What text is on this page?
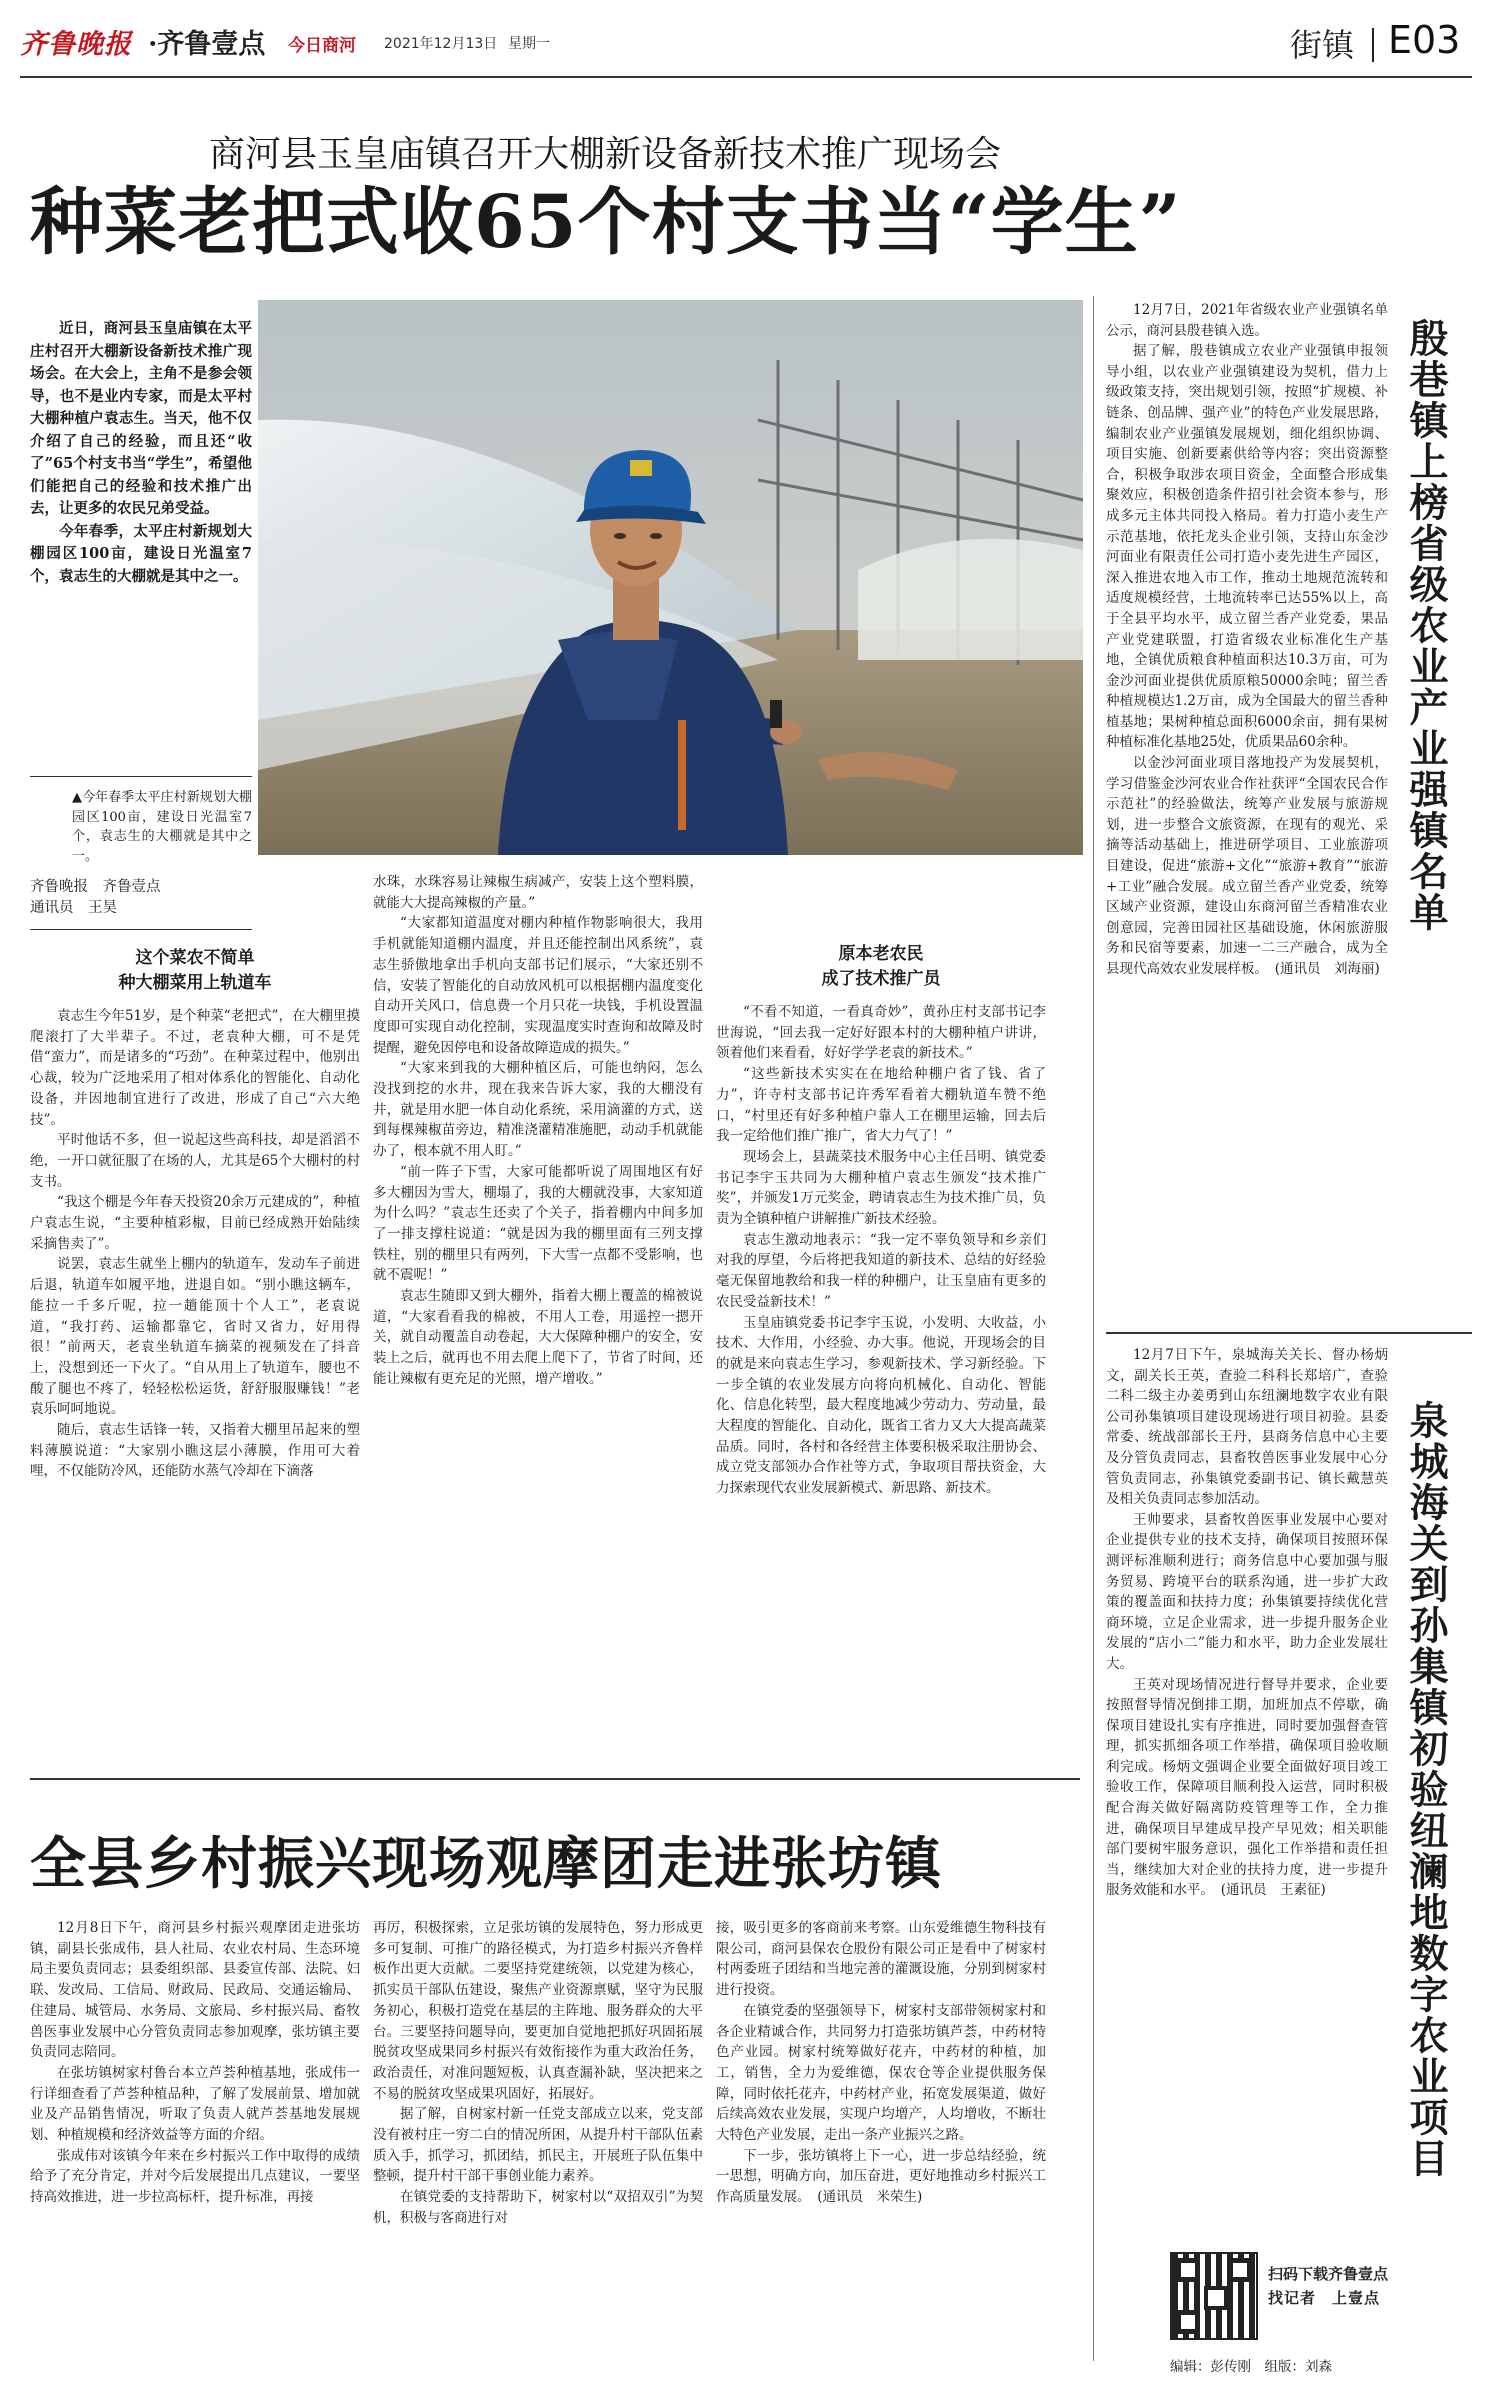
齐鲁晚报 ·齐鲁壹点 今日商河 2021年12月13日 星期一	街镇 E03
商河县玉皇庙镇召开大棚新设备新技术推广现场会
种菜老把式收65个村支书当“学生”

近日，商河县玉皇庙镇在太平庄村召开大棚新设备新技术推广现场会。在大会上，主角不是参会领导，也不是业内专家，而是太平村大棚种植户袁志生。当天，他不仅介绍了自己的经验，而且还“收了”65个村支书当“学生”，希望他们能把自己的经验和技术推广出去，让更多的农民兄弟受益。

今年春季，太平庄村新规划大棚园区100亩，建设日光温室7个，袁志生的大棚就是其中之一。

▲今年春季太平庄村新规划大棚园区100亩，建设日光温室7个，袁志生的大棚就是其中之一。
齐鲁晚报　齐鲁壹点
通讯员　王昊
这个菜农不简单
种大棚菜用上轨道车

袁志生今年51岁，是个种菜“老把式”，在大棚里摸爬滚打了大半辈子。不过，老袁种大棚，可不是凭借“蛮力”，而是诸多的“巧劲”。在种菜过程中，他别出心裁，较为广泛地采用了相对体系化的智能化、自动化设备，并因地制宜进行了改进，形成了自己“六大绝技”。

平时他话不多，但一说起这些高科技，却是滔滔不绝，一开口就征服了在场的人，尤其是65个大棚村的村支书。

“我这个棚是今年春天投资20余万元建成的”，种植户袁志生说，“主要种植彩椒，目前已经成熟开始陆续采摘售卖了”。

说罢，袁志生就坐上棚内的轨道车，发动车子前进后退，轨道车如履平地，进退自如。“别小瞧这辆车，能拉一千多斤呢，拉一趟能顶十个人工”，老袁说道，“我打药、运输都靠它，省时又省力，好用得很！”前两天，老袁坐轨道车摘菜的视频发在了抖音上，没想到还一下火了。“自从用上了轨道车，腰也不酸了腿也不疼了，轻轻松松运货，舒舒服服赚钱！”老袁乐呵呵地说。

随后，袁志生话锋一转，又指着大棚里吊起来的塑料薄膜说道：“大家别小瞧这层小薄膜，作用可大着哩，不仅能防冷风，还能防水蒸气冷却在下滴落

水珠，水珠容易让辣椒生病减产，安装上这个塑料膜，就能大大提高辣椒的产量。”

“大家都知道温度对棚内种植作物影响很大，我用手机就能知道棚内温度，并且还能控制出风系统”，袁志生骄傲地拿出手机向支部书记们展示，“大家还别不信，安装了智能化的自动放风机可以根据棚内温度变化自动开关风口，信息费一个月只花一块钱，手机设置温度即可实现自动化控制，实现温度实时查询和故障及时提醒，避免因停电和设备故障造成的损失。”

“大家来到我的大棚种植区后，可能也纳闷，怎么没找到挖的水井，现在我来告诉大家，我的大棚没有井，就是用水肥一体自动化系统，采用滴灌的方式，送到每棵辣椒苗旁边，精准浇灌精准施肥，动动手机就能办了，根本就不用人盯。”

“前一阵子下雪，大家可能都听说了周围地区有好多大棚因为雪大，棚塌了，我的大棚就没事，大家知道为什么吗？”袁志生还卖了个关子，指着棚内中间多加了一排支撑柱说道：“就是因为我的棚里面有三列支撑铁柱，别的棚里只有两列，下大雪一点都不受影响，也就不震呢！”

袁志生随即又到大棚外，指着大棚上覆盖的棉被说道，“大家看看我的棉被，不用人工卷，用遥控一摁开关，就自动覆盖自动卷起，大大保障种棚户的安全，安装上之后，就再也不用去爬上爬下了，节省了时间，还能让辣椒有更充足的光照，增产增收。”

原本老农民
成了技术推广员

“不看不知道，一看真奇妙”，黄孙庄村支部书记李世海说，“回去我一定好好跟本村的大棚种植户讲讲，领着他们来看看，好好学学老袁的新技术。”

“这些新技术实实在在地给种棚户省了钱、省了力”，许寺村支部书记许秀军看着大棚轨道车赞不绝口，“村里还有好多种植户靠人工在棚里运输，回去后我一定给他们推广推广，省大力气了！”

现场会上，县蔬菜技术服务中心主任吕明、镇党委书记李宇玉共同为大棚种植户袁志生颁发“技术推广奖”，并颁发1万元奖金，聘请袁志生为技术推广员，负责为全镇种植户讲解推广新技术经验。

袁志生激动地表示：“我一定不辜负领导和乡亲们对我的厚望，今后将把我知道的新技术、总结的好经验毫无保留地教给和我一样的种棚户，让玉皇庙有更多的农民受益新技术！”

玉皇庙镇党委书记李宇玉说，小发明、大收益，小技术、大作用，小经验、办大事。他说，开现场会的目的就是来向袁志生学习，参观新技术、学习新经验。下一步全镇的农业发展方向将向机械化、自动化、智能化、信息化转型，最大程度地减少劳动力、劳动量，最大程度的智能化、自动化，既省工省力又大大提高蔬菜品质。同时，各村和各经营主体要积极采取注册协会、成立党支部领办合作社等方式，争取项目帮扶资金，大力探索现代农业发展新模式、新思路、新技术。

12月7日，2021年省级农业产业强镇名单公示，商河县殷巷镇入选。

据了解，殷巷镇成立农业产业强镇申报领导小组，以农业产业强镇建设为契机，借力上级政策支持，突出规划引领，按照“扩规模、补链条、创品牌、强产业”的特色产业发展思路，编制农业产业强镇发展规划，细化组织协调、项目实施、创新要素供给等内容；突出资源整合，积极争取涉农项目资金，全面整合形成集聚效应，积极创造条件招引社会资本参与，形成多元主体共同投入格局。着力打造小麦生产示范基地，依托龙头企业引领，支持山东金沙河面业有限责任公司打造小麦先进生产园区，深入推进农地入市工作，推动土地规范流转和适度规模经营，土地流转率已达55%以上，高于全县平均水平，成立留兰香产业党委，果品产业党建联盟，打造省级农业标准化生产基地，全镇优质粮食种植面积达10.3万亩，可为金沙河面业提供优质原粮50000余吨；留兰香种植规模达1.2万亩，成为全国最大的留兰香种植基地；果树种植总面积6000余亩，拥有果树种植标准化基地25处，优质果品60余种。

以金沙河面业项目落地投产为发展契机，学习借鉴金沙河农业合作社获评“全国农民合作示范社”的经验做法，统筹产业发展与旅游规划，进一步整合文旅资源，在现有的观光、采摘等活动基础上，推进研学项目、工业旅游项目建设，促进“旅游+文化”“旅游+教育”“旅游+工业”融合发展。成立留兰香产业党委，统筹区域产业资源，建设山东商河留兰香精准农业创意园，完善田园社区基础设施，休闲旅游服务和民宿等要素，加速一二三产融合，成为全县现代高效农业发展样板。　(通讯员　刘海丽)

殷巷镇上榜省级农业产业强镇名单

12月7日下午，泉城海关关长、督办杨炳文，副关长王英，查验二科科长郑培广，查验二科二级主办姜勇到山东纽澜地数字农业有限公司孙集镇项目建设现场进行项目初验。县委常委、统战部部长王丹，县商务信息中心主要及分管负责同志，县畜牧兽医事业发展中心分管负责同志，孙集镇党委副书记、镇长戴慧英及相关负责同志参加活动。

王帅要求，县畜牧兽医事业发展中心要对企业提供专业的技术支持，确保项目按照环保测评标准顺利进行；商务信息中心要加强与服务贸易、跨境平台的联系沟通，进一步扩大政策的覆盖面和扶持力度；孙集镇要持续优化营商环境，立足企业需求，进一步提升服务企业发展的“店小二”能力和水平，助力企业发展壮大。

王英对现场情况进行督导并要求，企业要按照督导情况倒排工期，加班加点不停歇，确保项目建设扎实有序推进，同时要加强督查管理，抓实抓细各项工作举措，确保项目验收顺利完成。杨炳文强调企业要全面做好项目竣工验收工作，保障项目顺利投入运营，同时积极配合海关做好隔离防疫管理等工作，全力推进，确保项目早建成早投产早见效；相关职能部门要树牢服务意识，强化工作举措和责任担当，继续加大对企业的扶持力度，进一步提升服务效能和水平。　(通讯员　王素征)	泉城海关到孙集镇初验纽澜地数字农业项目
全县乡村振兴现场观摩团走进张坊镇

12月8日下午，商河县乡村振兴观摩团走进张坊镇，副县长张成伟，县人社局、农业农村局、生态环境局主要负责同志；县委组织部、县委宣传部、法院、妇联、发改局、工信局、财政局、民政局、交通运输局、住建局、城管局、水务局、文旅局、乡村振兴局、畜牧兽医事业发展中心分管负责同志参加观摩，张坊镇主要负责同志陪同。

在张坊镇树家村鲁台本立芦荟种植基地，张成伟一行详细查看了芦荟种植品种，了解了发展前景、增加就业及产品销售情况，听取了负责人就芦荟基地发展规划、种植规模和经济效益等方面的介绍。

张成伟对该镇今年来在乡村振兴工作中取得的成绩给予了充分肯定，并对今后发展提出几点建议，一要坚持高效推进，进一步拉高标杆，提升标准，再接

再厉，积极探索，立足张坊镇的发展特色，努力形成更多可复制、可推广的路径模式，为打造乡村振兴齐鲁样板作出更大贡献。二要坚持党建统领，以党建为核心，抓实员干部队伍建设，聚焦产业资源禀赋，坚守为民服务初心，积极打造党在基层的主阵地、服务群众的大平台。三要坚持问题导向，要更加自觉地把抓好巩固拓展脱贫攻坚成果同乡村振兴有效衔接作为重大政治任务，政治责任，对准问题短板，认真查漏补缺，坚决把来之不易的脱贫攻坚成果巩固好，拓展好。

据了解，自树家村新一任党支部成立以来，党支部没有被村庄一穷二白的情况所困，从提升村干部队伍素质入手，抓学习，抓团结，抓民主，开展班子队伍集中整顿，提升村干部干事创业能力素养。

在镇党委的支持帮助下，树家村以“双招双引”为契机，积极与客商进行对

接，吸引更多的客商前来考察。山东爱维德生物科技有限公司，商河县保农仓股份有限公司正是看中了树家村村两委班子团结和当地完善的灌溉设施，分别到树家村进行投资。

在镇党委的坚强领导下，树家村支部带领树家村和各企业精诚合作，共同努力打造张坊镇芦荟，中药材特色产业园。树家村统筹做好花卉，中药材的种植，加工，销售，全力为爱维德，保农仓等企业提供服务保障，同时依托花卉，中药材产业，拓宽发展渠道，做好后续高效农业发展，实现户均增产，人均增收，不断壮大特色产业发展，走出一条产业振兴之路。

下一步，张坊镇将上下一心，进一步总结经验，统一思想，明确方向，加压奋进，更好地推动乡村振兴工作高质量发展。　(通讯员　米荣生)

扫码下载齐鲁壹点
找记者　上壹点
编辑：彭传刚　 组版：刘森
